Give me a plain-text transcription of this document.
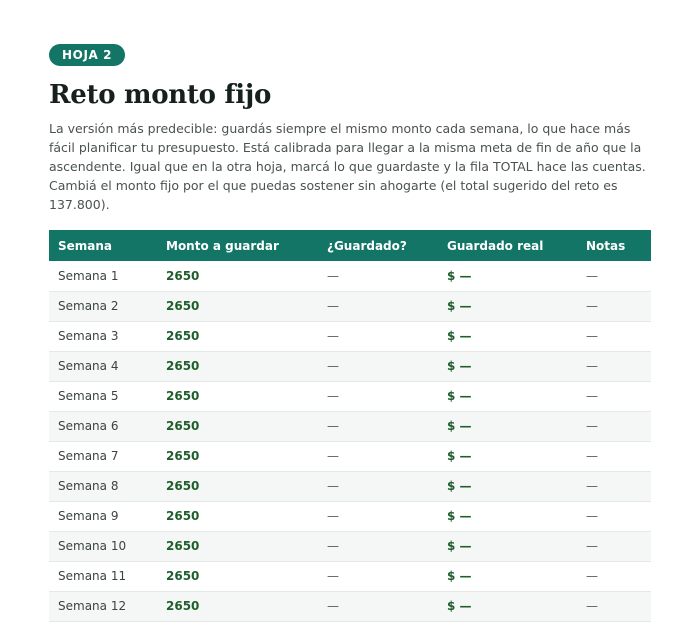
HOJA 2
Reto monto fijo

La versión más predecible: guardás siempre el mismo monto cada semana, lo que hace más fácil planificar tu presupuesto. Está calibrada para llegar a la misma meta de fin de año que la ascendente. Igual que en la otra hoja, marcá lo que guardaste y la fila TOTAL hace las cuentas. Cambiá el monto fijo por el que puedas sostener sin ahogarte (el total sugerido del reto es 137.800).

Semana	Monto a guardar	¿Guardado?	Guardado real	Notas
Semana 1	2650	—	$ —	—
Semana 2	2650	—	$ —	—
Semana 3	2650	—	$ —	—
Semana 4	2650	—	$ —	—
Semana 5	2650	—	$ —	—
Semana 6	2650	—	$ —	—
Semana 7	2650	—	$ —	—
Semana 8	2650	—	$ —	—
Semana 9	2650	—	$ —	—
Semana 10	2650	—	$ —	—
Semana 11	2650	—	$ —	—
Semana 12	2650	—	$ —	—
